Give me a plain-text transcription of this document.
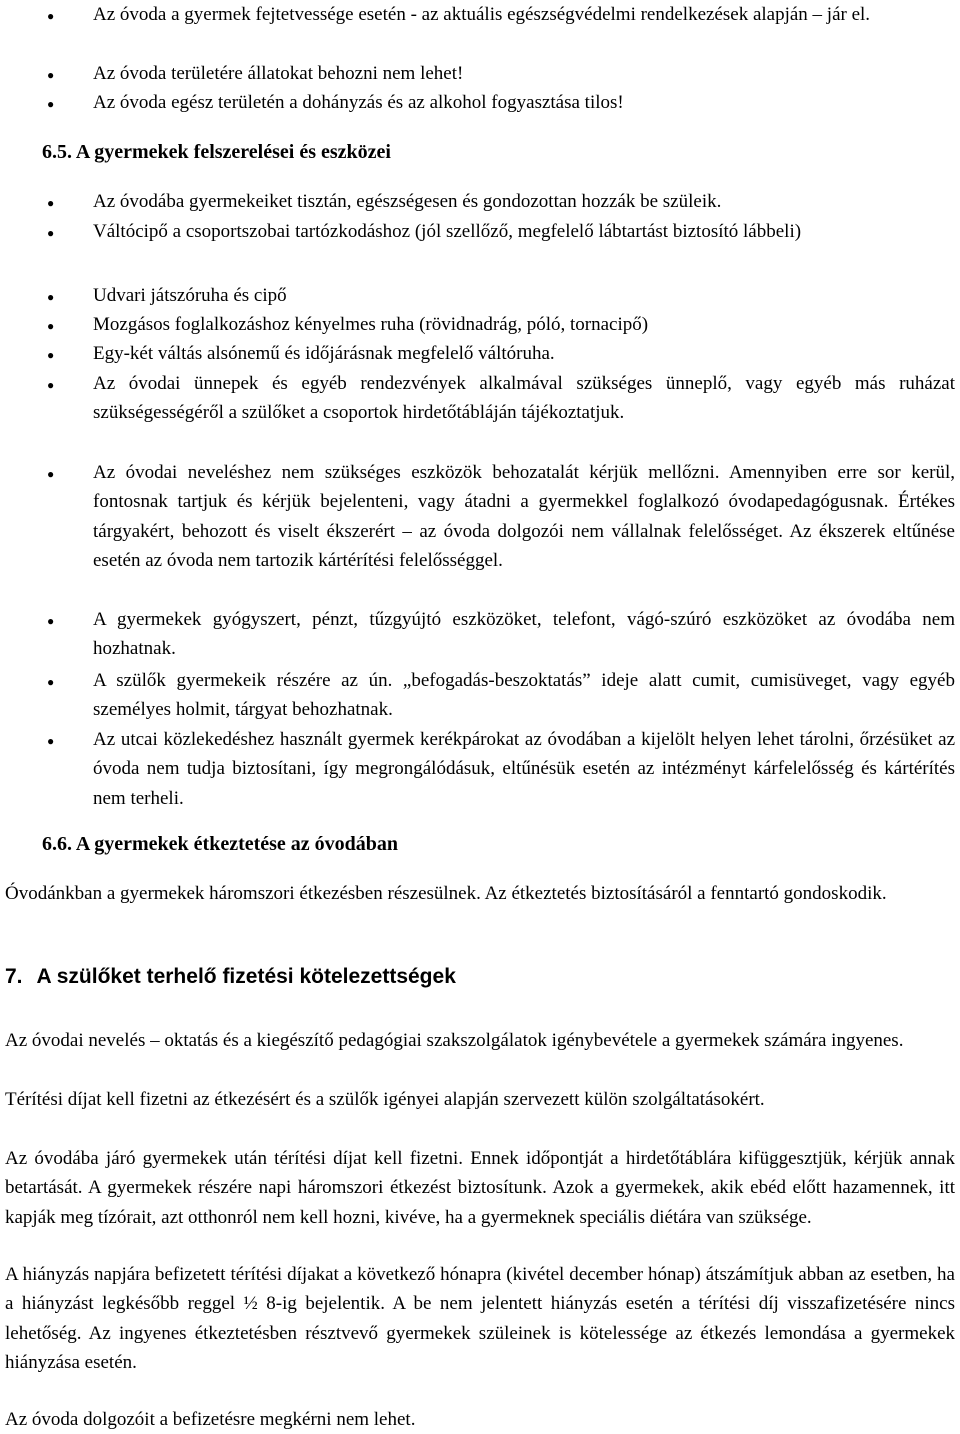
●
Az óvoda a gyermek fejtetvessége esetén - az aktuális egészségvédelmi rendelkezések alapján – jár el.

●
Az óvoda területére állatokat behozni nem lehet!

●
Az óvoda egész területén a dohányzás és az alkohol fogyasztása tilos!

6.5. A gyermekek felszerelései és eszközei

●
Az óvodába gyermekeiket tisztán, egészségesen és gondozottan hozzák be szüleik.

●
Váltócipő a csoportszobai tartózkodáshoz (jól szellőző, megfelelő lábtartást biztosító lábbeli)

●
Udvari játszóruha és cipő

●
Mozgásos foglalkozáshoz kényelmes ruha (rövidnadrág, póló, tornacipő)

●
Egy-két váltás alsónemű és időjárásnak megfelelő váltóruha.

●
Az óvodai ünnepek és egyéb rendezvények alkalmával szükséges ünneplő, vagy egyéb más ruházat szükségességéről a szülőket a csoportok hirdetőtábláján tájékoztatjuk.

●
Az óvodai neveléshez nem szükséges eszközök behozatalát kérjük mellőzni. Amennyiben erre sor kerül, fontosnak tartjuk és kérjük bejelenteni, vagy átadni a gyermekkel foglalkozó óvodapedagógusnak. Értékes tárgyakért, behozott és viselt ékszerért – az óvoda dolgozói nem vállalnak felelősséget. Az ékszerek eltűnése esetén az óvoda nem tartozik kártérítési felelősséggel.

●
A gyermekek gyógyszert, pénzt, tűzgyújtó eszközöket, telefont, vágó-szúró eszközöket az óvodába nem hozhatnak.

●
A szülők gyermekeik részére az ún. „befogadás-beszoktatás” ideje alatt cumit, cumisüveget, vagy egyéb személyes holmit, tárgyat behozhatnak.

●
Az utcai közlekedéshez használt gyermek kerékpárokat az óvodában a kijelölt helyen lehet tárolni, őrzésüket az óvoda nem tudja biztosítani, így megrongálódásuk, eltűnésük esetén az intézményt kárfelelősség és kártérítés nem terheli.

6.6. A gyermekek étkeztetése az óvodában

Óvodánkban a gyermekek háromszori étkezésben részesülnek. Az étkeztetés biztosításáról a fenntartó gondoskodik.

7. A szülőket terhelő fizetési kötelezettségek

Az óvodai nevelés – oktatás és a kiegészítő pedagógiai szakszolgálatok igénybevétele a gyermekek számára ingyenes.

Térítési díjat kell fizetni az étkezésért és a szülők igényei alapján szervezett külön szolgáltatásokért.

Az óvodába járó gyermekek után térítési díjat kell fizetni. Ennek időpontját a hirdetőtáblára kifüggesztjük, kérjük annak betartását. A gyermekek részére napi háromszori étkezést biztosítunk. Azok a gyermekek, akik ebéd előtt hazamennek, itt kapják meg tízórait, azt otthonról nem kell hozni, kivéve, ha a gyermeknek speciális diétára van szüksége.

A hiányzás napjára befizetett térítési díjakat a következő hónapra (kivétel december hónap) átszámítjuk abban az esetben, ha a hiányzást legkésőbb reggel ½ 8-ig bejelentik. A be nem jelentett hiányzás esetén a térítési díj visszafizetésére nincs lehetőség. Az ingyenes étkeztetésben résztvevő gyermekek szüleinek is kötelessége az étkezés lemondása a gyermekek hiányzása esetén.

Az óvoda dolgozóit a befizetésre megkérni nem lehet.
